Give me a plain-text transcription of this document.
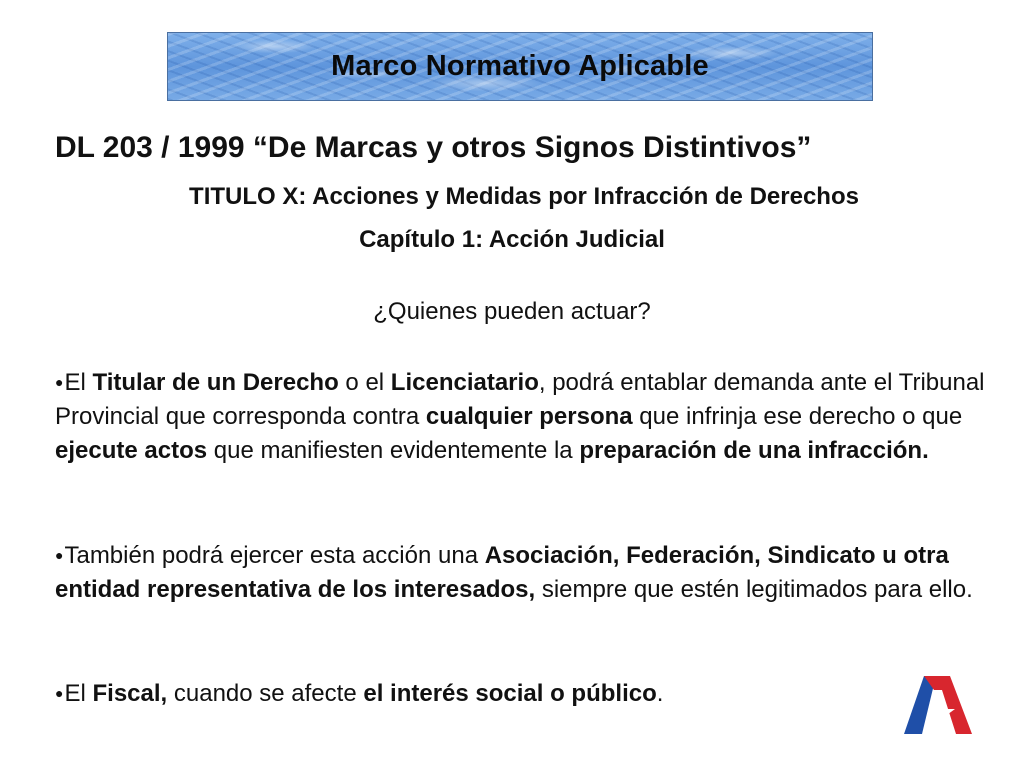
Marco Normativo Aplicable
DL 203 / 1999 “De Marcas y otros Signos Distintivos”
TITULO X: Acciones y Medidas por Infracción de Derechos
Capítulo 1: Acción Judicial
¿Quienes pueden actuar?
●El Titular de un Derecho o el Licenciatario, podrá entablar demanda ante el Tribunal Provincial que corresponda contra cualquier persona que infrinja ese derecho o que ejecute actos que manifiesten evidentemente la preparación de una infracción.
●También podrá ejercer esta acción una Asociación, Federación, Sindicato u otra entidad representativa de los interesados, siempre que estén legitimados para ello.
●El Fiscal, cuando se afecte el interés social o público.
